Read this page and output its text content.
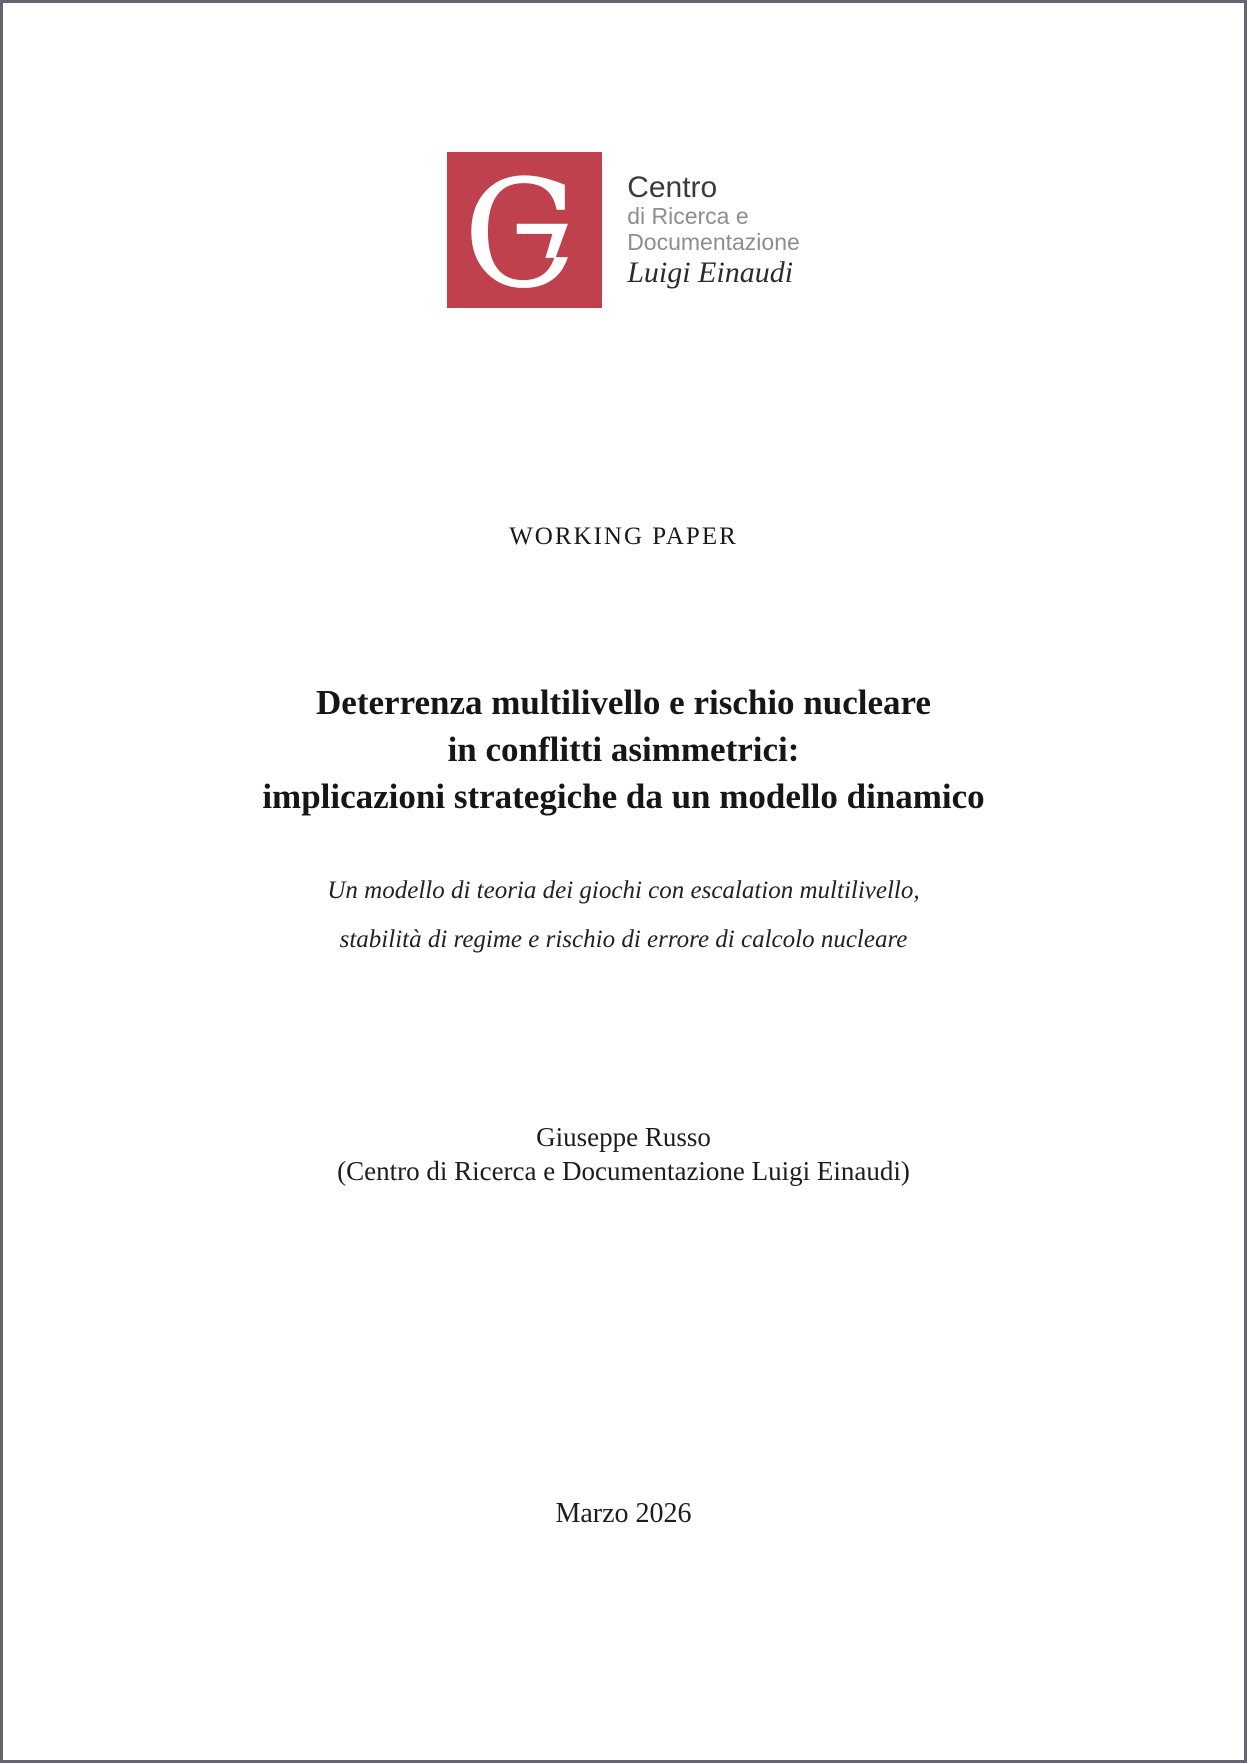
C Centro
di Ricerca e
Documentazione
Luigi Einaudi
WORKING PAPER
Deterrenza multilivello e rischio nucleare
in conflitti asimmetrici:
implicazioni strategiche da un modello dinamico
Un modello di teoria dei giochi con escalation multilivello,
stabilità di regime e rischio di errore di calcolo nucleare
Giuseppe Russo
(Centro di Ricerca e Documentazione Luigi Einaudi)
Marzo 2026
